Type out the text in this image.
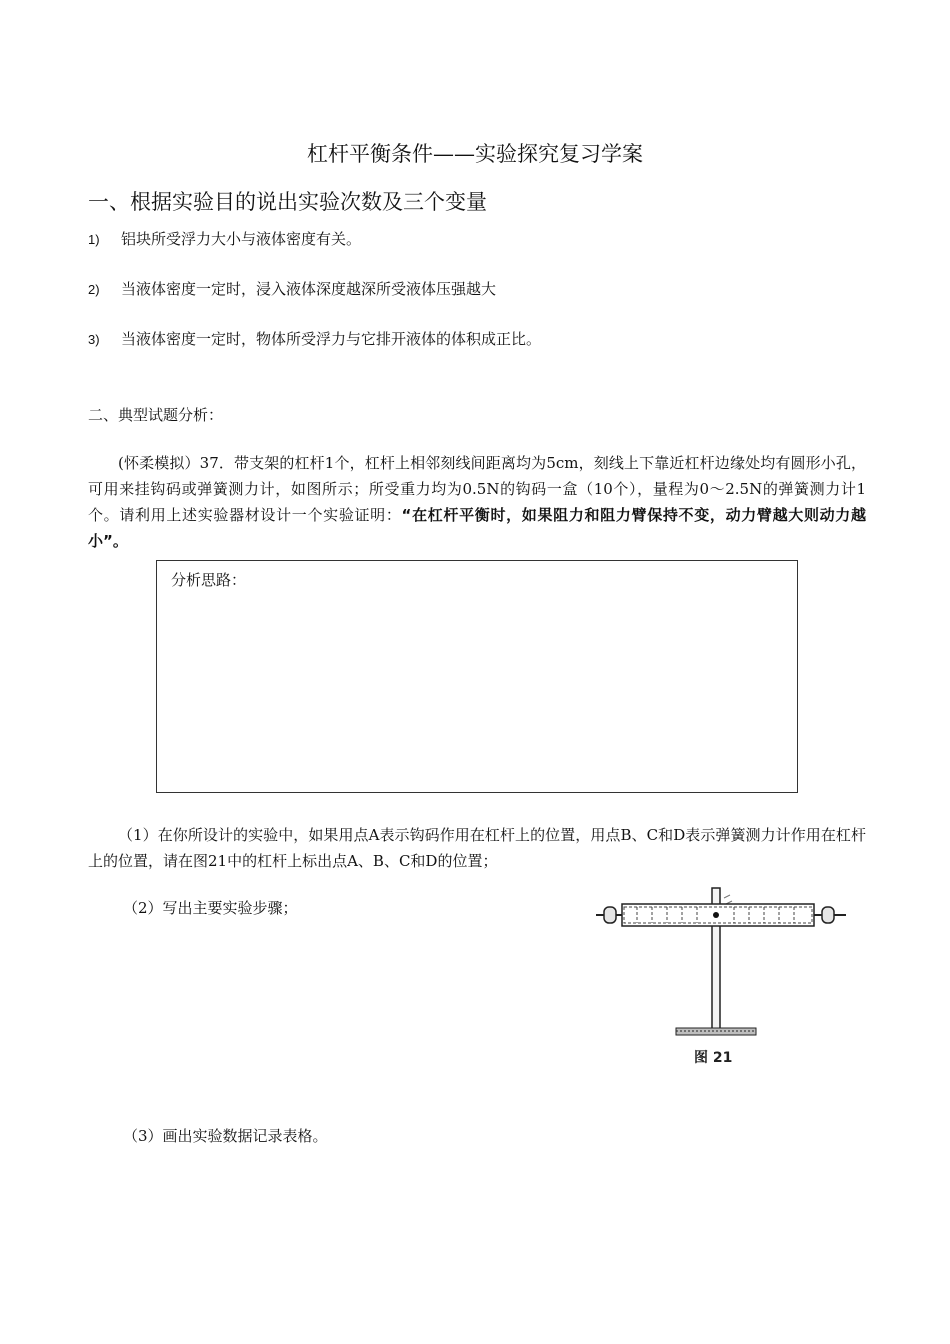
杠杆平衡条件——实验探究复习学案
一、根据实验目的说出实验次数及三个变量
1) 铝块所受浮力大小与液体密度有关。
2) 当液体密度一定时，浸入液体深度越深所受液体压强越大
3) 当液体密度一定时，物体所受浮力与它排开液体的体积成正比。
二、典型试题分析：
(怀柔模拟）37．带支架的杠杆1个，杠杆上相邻刻线间距离均为5cm，刻线上下靠近杠杆边缘处均有圆形小孔，可用来挂钩码或弹簧测力计，如图所示；所受重力均为0.5N的钩码一盒（10个），量程为0～2.5N的弹簧测力计1个。请利用上述实验器材设计一个实验证明：“在杠杆平衡时，如果阻力和阻力臂保持不变，动力臂越大则动力越小”。
分析思路：
（1）在你所设计的实验中，如果用点A表示钩码作用在杠杆上的位置，用点B、C和D表示弹簧测力计作用在杠杆上的位置，请在图21中的杠杆上标出点A、B、C和D的位置；
（2）写出主要实验步骤；
图 21
（3）画出实验数据记录表格。
